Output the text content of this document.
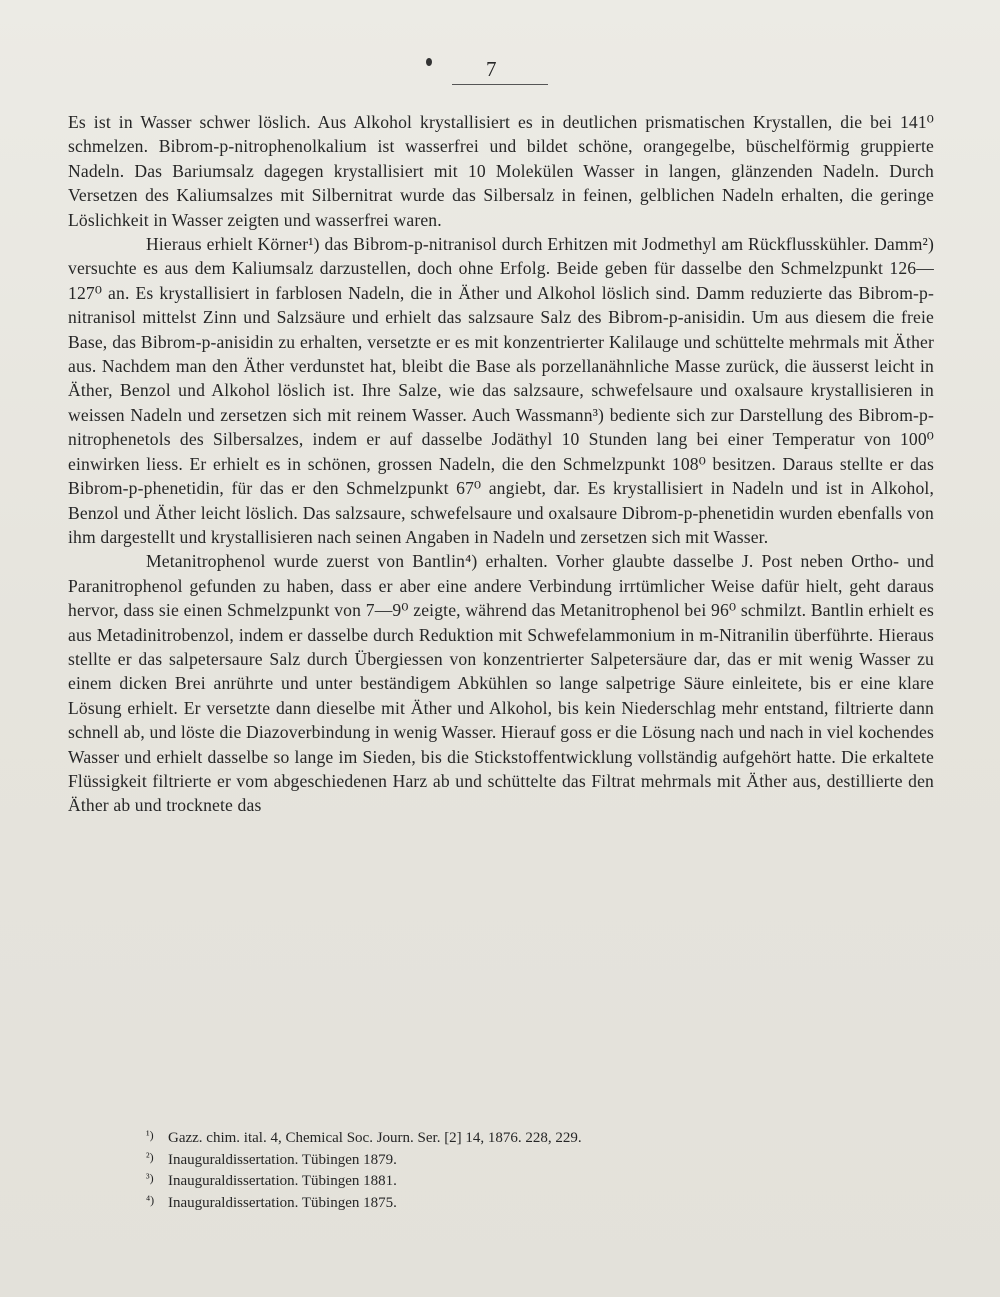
7

Es ist in Wasser schwer löslich. Aus Alkohol krystallisiert es in deutlichen prismatischen Krystallen, die bei 141⁰ schmelzen. Bibrom-p-nitrophenolkalium ist wasserfrei und bildet schöne, orangegelbe, büschelförmig gruppierte Nadeln. Das Bariumsalz dagegen krystallisiert mit 10 Molekülen Wasser in langen, glänzenden Nadeln. Durch Versetzen des Kaliumsalzes mit Silbernitrat wurde das Silbersalz in feinen, gelblichen Nadeln erhalten, die geringe Löslichkeit in Wasser zeigten und wasserfrei waren.

Hieraus erhielt Körner¹) das Bibrom-p-nitranisol durch Erhitzen mit Jodmethyl am Rückflusskühler. Damm²) versuchte es aus dem Kaliumsalz darzustellen, doch ohne Erfolg. Beide geben für dasselbe den Schmelzpunkt 126—127⁰ an. Es krystallisiert in farblosen Nadeln, die in Äther und Alkohol löslich sind. Damm reduzierte das Bibrom-p-nitranisol mittelst Zinn und Salzsäure und erhielt das salzsaure Salz des Bibrom-p-anisidin. Um aus diesem die freie Base, das Bibrom-p-anisidin zu erhalten, versetzte er es mit konzentrierter Kalilauge und schüttelte mehrmals mit Äther aus. Nachdem man den Äther verdunstet hat, bleibt die Base als porzellanähnliche Masse zurück, die äusserst leicht in Äther, Benzol und Alkohol löslich ist. Ihre Salze, wie das salzsaure, schwefelsaure und oxalsaure krystallisieren in weissen Nadeln und zersetzen sich mit reinem Wasser. Auch Wassmann³) bediente sich zur Darstellung des Bibrom-p-nitrophenetols des Silbersalzes, indem er auf dasselbe Jodäthyl 10 Stunden lang bei einer Temperatur von 100⁰ einwirken liess. Er erhielt es in schönen, grossen Nadeln, die den Schmelzpunkt 108⁰ besitzen. Daraus stellte er das Bibrom-p-phenetidin, für das er den Schmelzpunkt 67⁰ angiebt, dar. Es krystallisiert in Nadeln und ist in Alkohol, Benzol und Äther leicht löslich. Das salzsaure, schwefelsaure und oxalsaure Dibrom-p-phenetidin wurden ebenfalls von ihm dargestellt und krystallisieren nach seinen Angaben in Nadeln und zersetzen sich mit Wasser.

Metanitrophenol wurde zuerst von Bantlin⁴) erhalten. Vorher glaubte dasselbe J. Post neben Ortho- und Paranitrophenol gefunden zu haben, dass er aber eine andere Verbindung irrtümlicher Weise dafür hielt, geht daraus hervor, dass sie einen Schmelzpunkt von 7—9⁰ zeigte, während das Metanitrophenol bei 96⁰ schmilzt. Bantlin erhielt es aus Metadinitrobenzol, indem er dasselbe durch Reduktion mit Schwefelammonium in m-Nitranilin überführte. Hieraus stellte er das salpetersaure Salz durch Übergiessen von konzentrierter Salpetersäure dar, das er mit wenig Wasser zu einem dicken Brei anrührte und unter beständigem Abkühlen so lange salpetrige Säure einleitete, bis er eine klare Lösung erhielt. Er versetzte dann dieselbe mit Äther und Alkohol, bis kein Niederschlag mehr entstand, filtrierte dann schnell ab, und löste die Diazoverbindung in wenig Wasser. Hierauf goss er die Lösung nach und nach in viel kochendes Wasser und erhielt dasselbe so lange im Sieden, bis die Stickstoffentwicklung vollständig aufgehört hatte. Die erkaltete Flüssigkeit filtrierte er vom abgeschiedenen Harz ab und schüttelte das Filtrat mehrmals mit Äther aus, destillierte den Äther ab und trocknete das

¹) Gazz. chim. ital. 4, Chemical Soc. Journ. Ser. [2] 14, 1876. 228, 229.

²) Inauguraldissertation. Tübingen 1879.

³) Inauguraldissertation. Tübingen 1881.

⁴) Inauguraldissertation. Tübingen 1875.
